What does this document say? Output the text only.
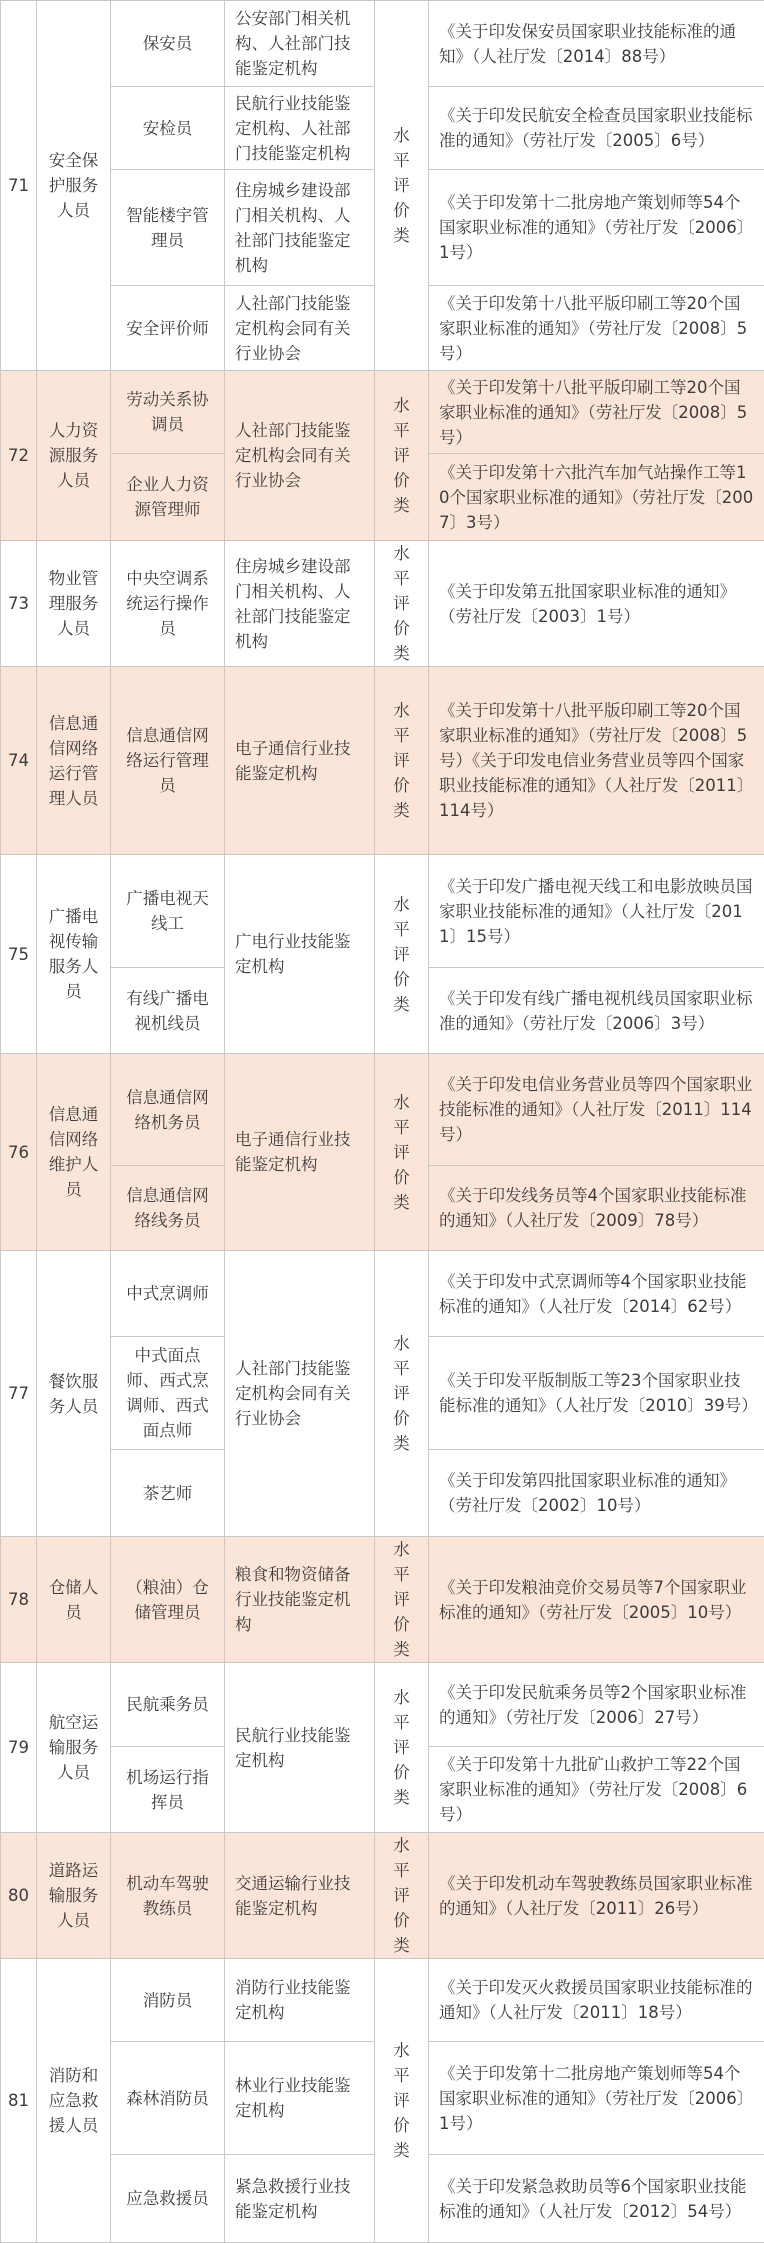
71	安全保护服务人员	保安员	公安部门相关机构、人社部门技能鉴定机构	水平评价类	《关于印发保安员国家职业技能标准的通知》（人社厅发〔2014〕88号）
		安检员	民航行业技能鉴定机构、人社部门技能鉴定机构		《关于印发民航安全检查员国家职业技能标准的通知》（劳社厅发〔2005〕6号）
		智能楼宇管理员	住房城乡建设部门相关机构、人社部门技能鉴定机构		《关于印发第十二批房地产策划师等54个国家职业标准的通知》（劳社厅发〔2006〕1号）
		安全评价师	人社部门技能鉴定机构会同有关行业协会		《关于印发第十八批平版印刷工等20个国家职业标准的通知》（劳社厅发〔2008〕5号）
72	人力资源服务人员	劳动关系协调员	人社部门技能鉴定机构会同有关行业协会	水平评价类	《关于印发第十八批平版印刷工等20个国家职业标准的通知》（劳社厅发〔2008〕5号）
		企业人力资源管理师			《关于印发第十六批汽车加气站操作工等10个国家职业标准的通知》（劳社厅发〔2007〕3号）
73	物业管理服务人员	中央空调系统运行操作员	住房城乡建设部门相关机构、人社部门技能鉴定机构	水平评价类	《关于印发第五批国家职业标准的通知》（劳社厅发〔2003〕1号）
74	信息通信网络运行管理人员	信息通信网络运行管理员	电子通信行业技能鉴定机构	水平评价类	《关于印发第十八批平版印刷工等20个国家职业标准的通知》（劳社厅发〔2008〕5号）《关于印发电信业务营业员等四个国家职业技能标准的通知》（人社厅发〔2011〕114号）
75	广播电视传输服务人员	广播电视天线工	广电行业技能鉴定机构	水平评价类	《关于印发广播电视天线工和电影放映员国家职业技能标准的通知》（人社厅发〔2011〕15号）
		有线广播电视机线员			《关于印发有线广播电视机线员国家职业标准的通知》（劳社厅发〔2006〕3号）
76	信息通信网络维护人员	信息通信网络机务员	电子通信行业技能鉴定机构	水平评价类	《关于印发电信业务营业员等四个国家职业技能标准的通知》（人社厅发〔2011〕114号）
		信息通信网络线务员			《关于印发线务员等4个国家职业技能标准的通知》（人社厅发〔2009〕78号）
77	餐饮服务人员	中式烹调师	人社部门技能鉴定机构会同有关行业协会	水平评价类	《关于印发中式烹调师等4个国家职业技能标准的通知》（人社厅发〔2014〕62号）
		中式面点师、西式烹调师、西式面点师			《关于印发平版制版工等23个国家职业技能标准的通知》（人社厅发〔2010〕39号）
		茶艺师			《关于印发第四批国家职业标准的通知》（劳社厅发〔2002〕10号）
78	仓储人员	（粮油）仓储管理员	粮食和物资储备行业技能鉴定机构	水平评价类	《关于印发粮油竞价交易员等7个国家职业标准的通知》（劳社厅发〔2005〕10号）
79	航空运输服务人员	民航乘务员	民航行业技能鉴定机构	水平评价类	《关于印发民航乘务员等2个国家职业标准的通知》（劳社厅发〔2006〕27号）
		机场运行指挥员			《关于印发第十九批矿山救护工等22个国家职业标准的通知》（劳社厅发〔2008〕6号）
80	道路运输服务人员	机动车驾驶教练员	交通运输行业技能鉴定机构	水平评价类	《关于印发机动车驾驶教练员国家职业标准的通知》（人社厅发〔2011〕26号）
81	消防和应急救援人员	消防员	消防行业技能鉴定机构	水平评价类	《关于印发灭火救援员国家职业技能标准的通知》（人社厅发〔2011〕18号）
		森林消防员	林业行业技能鉴定机构		《关于印发第十二批房地产策划师等54个国家职业标准的通知》（劳社厅发〔2006〕1号）
		应急救援员	紧急救援行业技能鉴定机构		《关于印发紧急救助员等6个国家职业技能标准的通知》（人社厅发〔2012〕54号）
